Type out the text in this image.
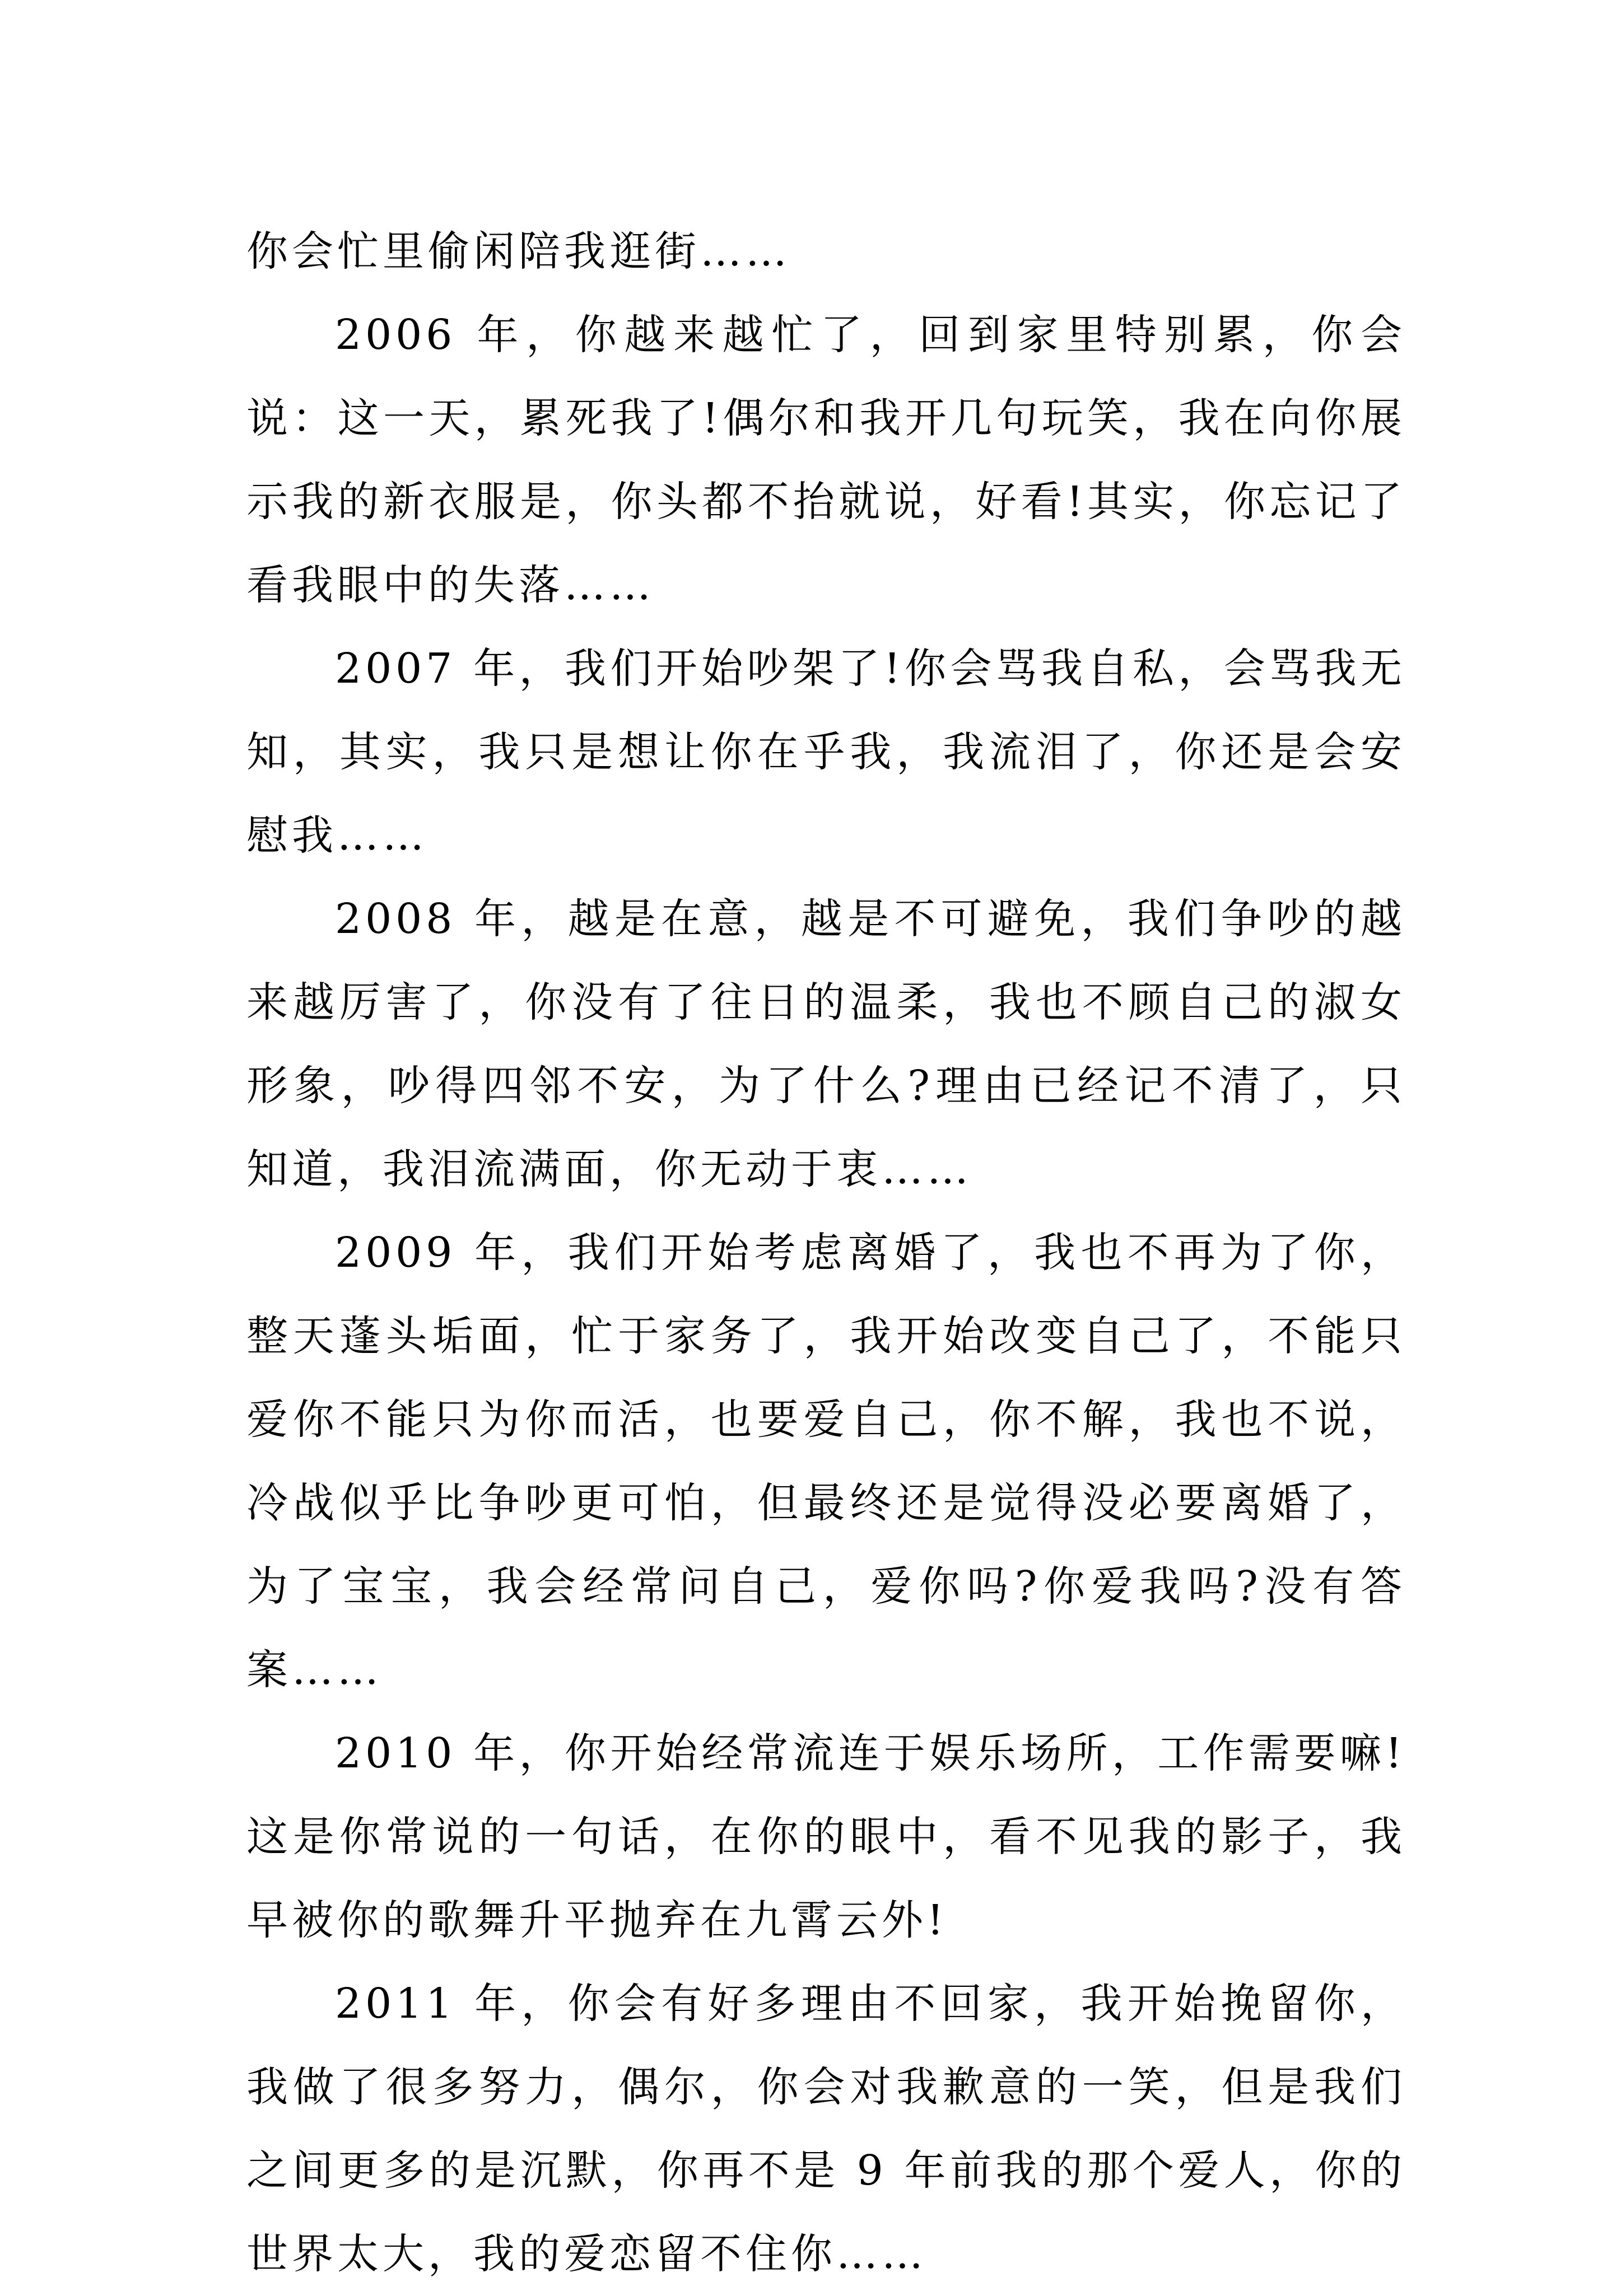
你会忙里偷闲陪我逛街……

2006 年，你越来越忙了，回到家里特别累，你会说：这一天，累死我了!偶尔和我开几句玩笑，我在向你展示我的新衣服是，你头都不抬就说，好看!其实，你忘记了看我眼中的失落……

2007 年，我们开始吵架了!你会骂我自私，会骂我无知，其实，我只是想让你在乎我，我流泪了，你还是会安慰我……

2008 年，越是在意，越是不可避免，我们争吵的越来越厉害了，你没有了往日的温柔，我也不顾自己的淑女形象，吵得四邻不安，为了什么?理由已经记不清了，只知道，我泪流满面，你无动于衷……

2009 年，我们开始考虑离婚了，我也不再为了你，整天蓬头垢面，忙于家务了，我开始改变自己了，不能只爱你不能只为你而活，也要爱自己，你不解，我也不说，冷战似乎比争吵更可怕，但最终还是觉得没必要离婚了，为了宝宝，我会经常问自己，爱你吗?你爱我吗?没有答案……

2010 年，你开始经常流连于娱乐场所，工作需要嘛!这是你常说的一句话，在你的眼中，看不见我的影子，我早被你的歌舞升平抛弃在九霄云外!

2011 年，你会有好多理由不回家，我开始挽留你，我做了很多努力，偶尔，你会对我歉意的一笑，但是我们之间更多的是沉默，你再不是 9 年前我的那个爱人，你的世界太大，我的爱恋留不住你……
